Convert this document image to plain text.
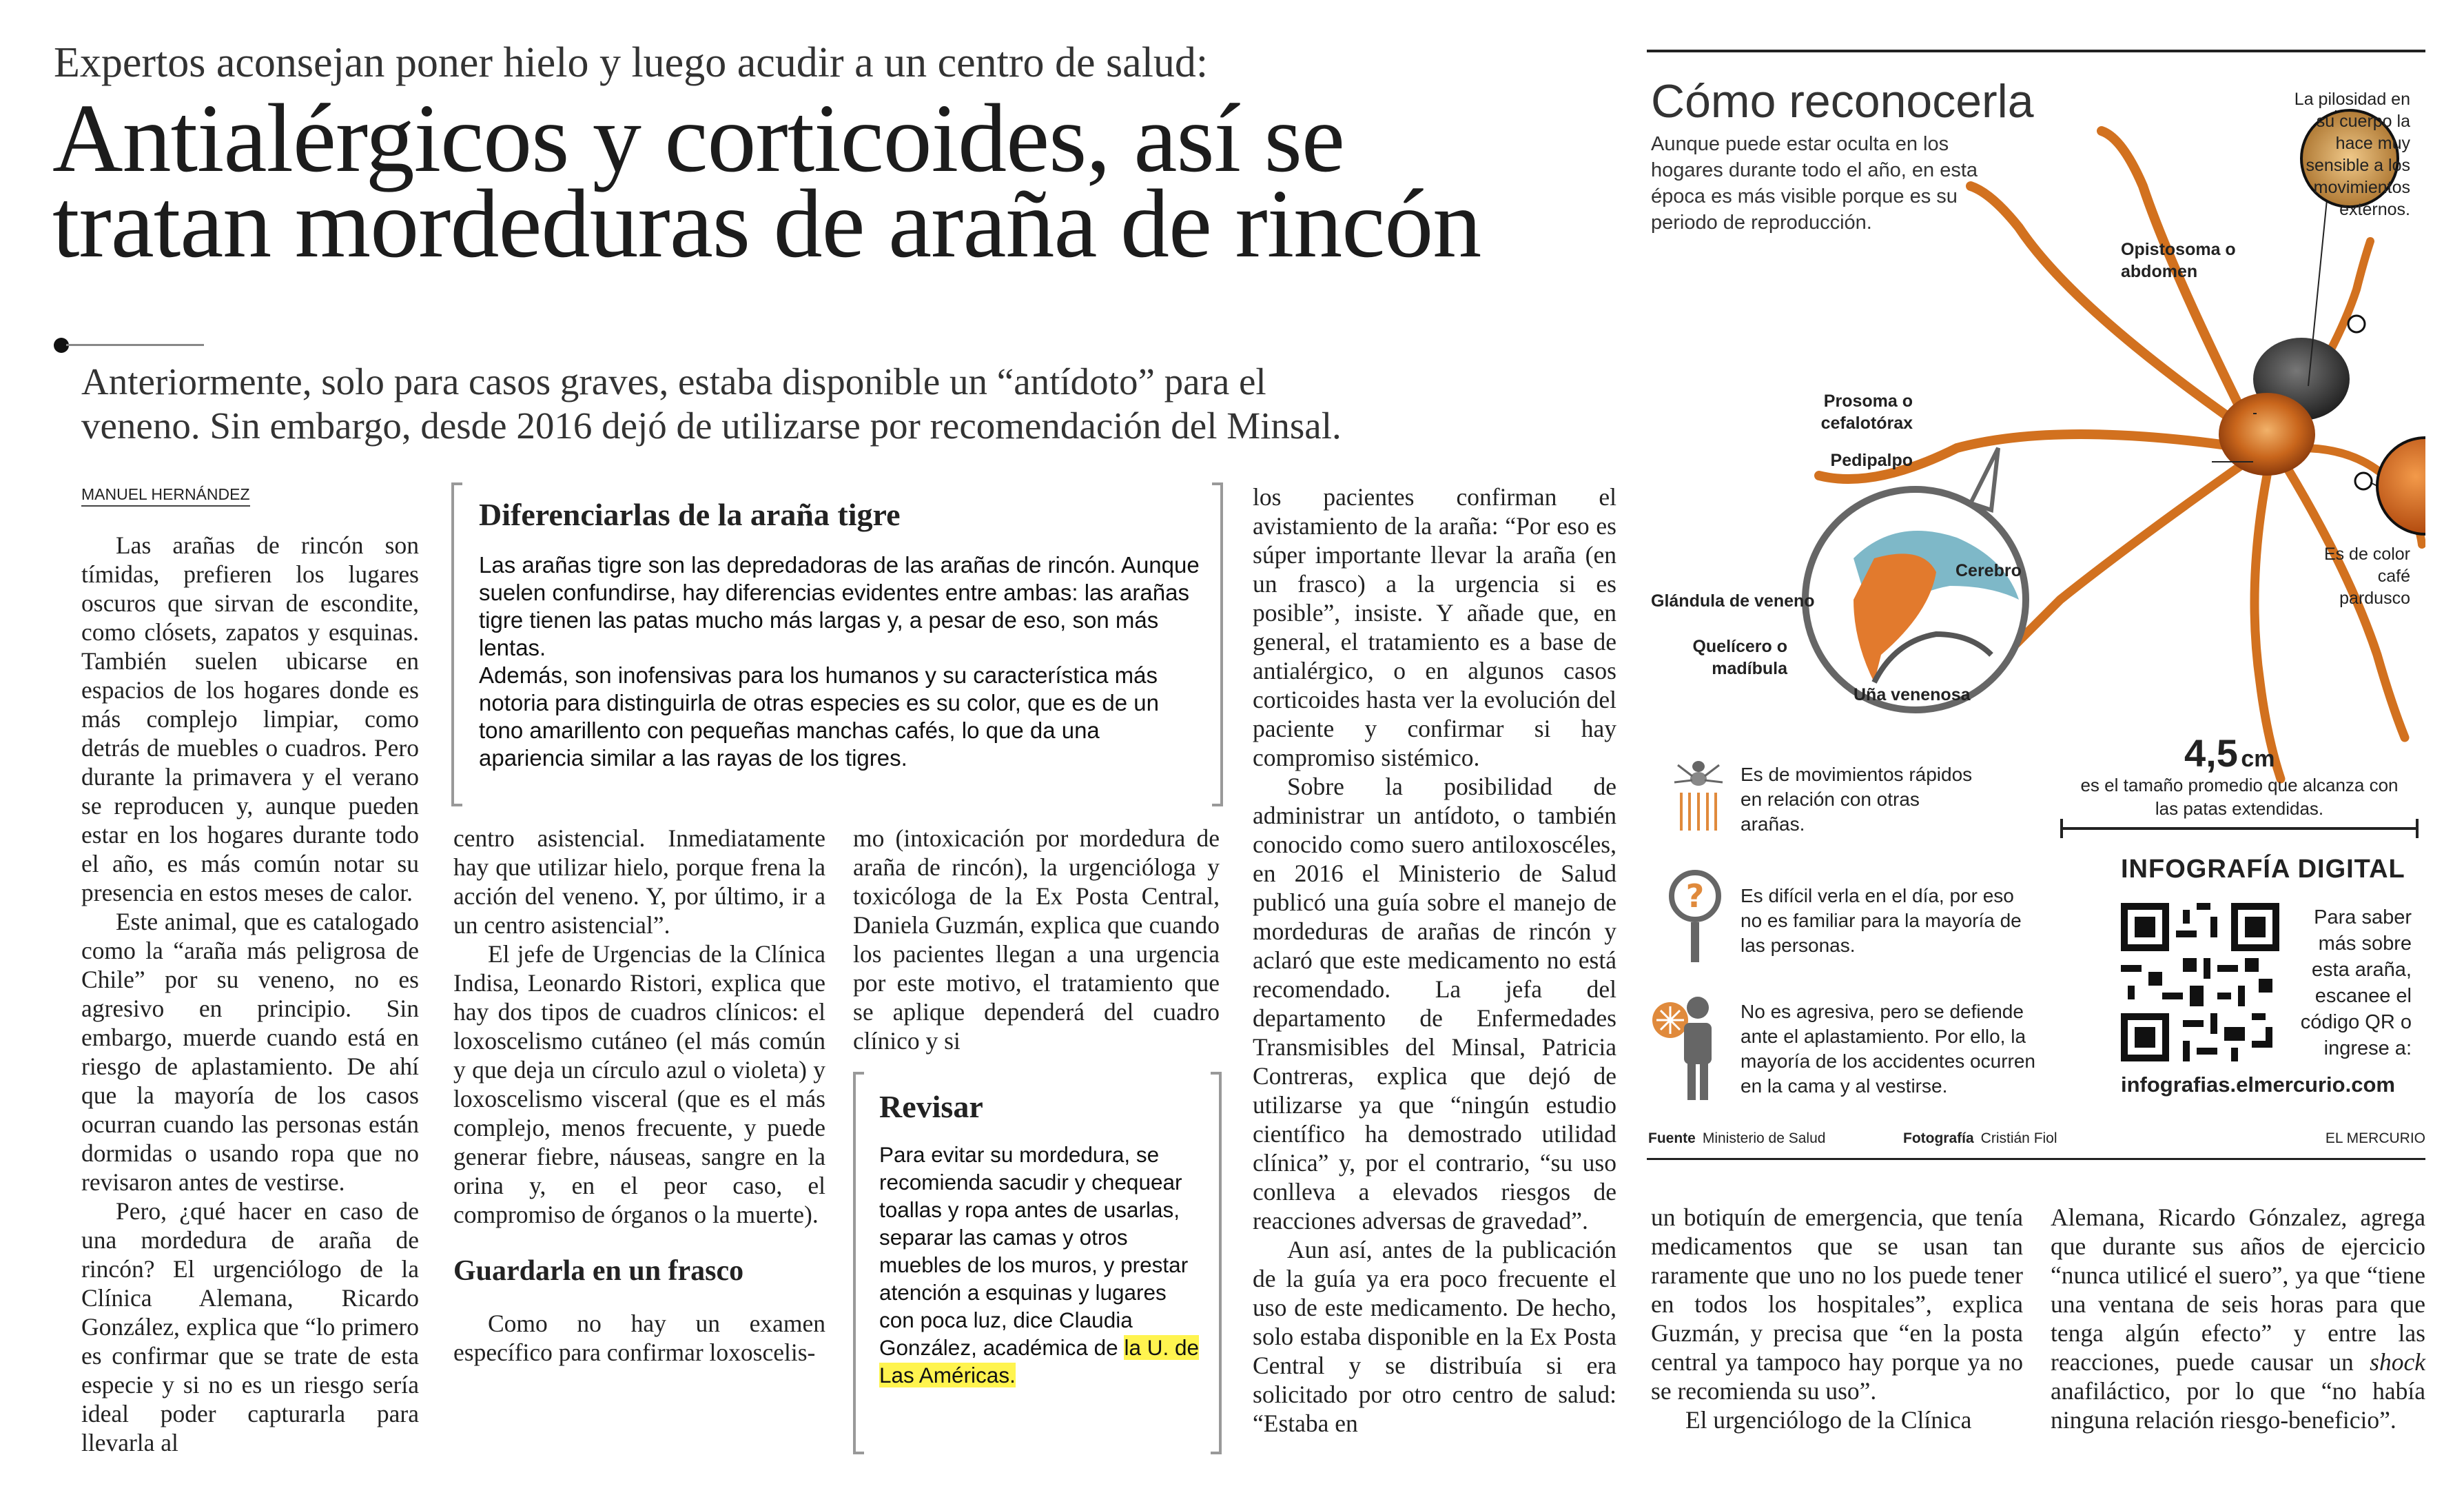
Expertos aconsejan poner hielo y luego acudir a un centro de salud:
Antialérgicos y corticoides, así se
tratan mordeduras de araña de rincón
Anteriormente, solo para casos graves, estaba disponible un “antídoto” para el
veneno. Sin embargo, desde 2016 dejó de utilizarse por recomendación del Minsal.
MANUEL HERNÁNDEZ

Las arañas de rincón son tímidas, prefieren los lugares oscuros que sirvan de escondite, como clósets, zapatos y esquinas. También suelen ubicarse en espacios de los hogares donde es más complejo limpiar, como detrás de muebles o cuadros. Pero durante la primavera y el verano se reproducen y, aunque pueden estar en los hogares durante todo el año, es más común notar su presencia en estos meses de calor.

Este animal, que es catalogado como la “araña más peligrosa de Chile” por su veneno, no es agresivo en principio. Sin embargo, muerde cuando está en riesgo de aplastamiento. De ahí que la mayoría de los casos ocurran cuando las personas están dormidas o usando ropa que no revisaron antes de vestirse.

Pero, ¿qué hacer en caso de una mordedura de araña de rincón? El urgenciólogo de la Clínica Alemana, Ricardo González, explica que “lo primero es confirmar que se trate de esta especie y si no es un riesgo sería ideal poder capturarla para llevarla al

Diferenciarlas de la araña tigre
Las arañas tigre son las depredadoras de las arañas de rincón. Aunque suelen confundirse, hay diferencias evidentes entre ambas: las arañas tigre tienen las patas mucho más largas y, a pesar de eso, son más lentas.
Además, son inofensivas para los humanos y su característica más notoria para distinguirla de otras especies es su color, que es de un tono amarillento con pequeñas manchas cafés, lo que da una apariencia similar a las rayas de los tigres.

centro asistencial. Inmediatamente hay que utilizar hielo, porque frena la acción del veneno. Y, por último, ir a un centro asistencial”.

El jefe de Urgencias de la Clínica Indisa, Leonardo Ristori, explica que hay dos tipos de cuadros clínicos: el loxoscelismo cutáneo (el más común y que deja un círculo azul o violeta) y loxoscelismo visceral (que es el más complejo, menos frecuente, y puede generar fiebre, náuseas, sangre en la orina y, en el peor caso, el compromiso de órganos o la muerte).

Guardarla en un frasco

Como no hay un examen específico para confirmar loxoscelis-

mo (intoxicación por mordedura de araña de rincón), la urgencióloga y toxicóloga de la Ex Posta Central, Daniela Guzmán, explica que cuando los pacientes llegan a una urgencia por este motivo, el tratamiento que se aplique dependerá del cuadro clínico y si

Revisar
Para evitar su mordedura, se recomienda sacudir y chequear toallas y ropa antes de usarlas, separar las camas y otros muebles de los muros, y prestar atención a esquinas y lugares con poca luz, dice Claudia González, académica de la U. de Las Américas.

los pacientes confirman el avistamiento de la araña: “Por eso es súper importante llevar la araña (en un frasco) a la urgencia si es posible”, insiste. Y añade que, en general, el tratamiento es a base de antialérgico, o en algunos casos corticoides hasta ver la evolución del paciente y confirmar si hay compromiso sistémico.

Sobre la posibilidad de administrar un antídoto, o también conocido como suero antiloxoscéles, en 2016 el Ministerio de Salud publicó una guía sobre el manejo de mordeduras de arañas de rincón y aclaró que este medicamento no está recomendado. La jefa del departamento de Enfermedades Transmisibles del Minsal, Patricia Contreras, explica que dejó de utilizarse ya que “ningún estudio científico ha demostrado utilidad clínica” y, por el contrario, “su uso conlleva a elevados riesgos de reacciones adversas de gravedad”.

Aun así, antes de la publicación de la guía ya era poco frecuente el uso de este medicamento. De hecho, solo estaba disponible en la Ex Posta Central y se distribuía si era solicitado por otro centro de salud: “Estaba en

un botiquín de emergencia, que tenía medicamentos que se usan tan raramente que uno no los puede tener en todos los hospitales”, explica Guzmán, y precisa que “en la posta central ya tampoco hay porque ya no se recomienda su uso”.

El urgenciólogo de la Clínica

Alemana, Ricardo Gónzalez, agrega que durante sus años de ejercicio “nunca utilicé el suero”, ya que “tiene una ventana de seis horas para que tenga algún efecto” y entre las reacciones, puede causar un shock anafiláctico, por lo que “no había ninguna relación riesgo-beneficio”.

Cómo reconocerla
Aunque puede estar oculta en los hogares durante todo el año, en esta época es más visible porque es su periodo de reproducción.
La pilosidad en su cuerpo la hace muy sensible a los movimientos externos.
Opistosoma o abdomen
Prosoma o cefalotórax
Pedipalpo
Es de color café pardusco
Cerebro
Glándula de veneno
Quelícero o madíbula
Uña venenosa
4,5 cm
es el tamaño promedio que alcanza con las patas extendidas.
Es de movimientos rápidos en relación con otras arañas.
? Es difícil verla en el día, por eso no es familiar para la mayoría de las personas.
No es agresiva, pero se defiende ante el aplastamiento. Por ello, la mayoría de los accidentes ocurren en la cama y al vestirse.
INFOGRAFÍA DIGITAL
Para saber más sobre esta araña, escanee el código QR o ingrese a:
infografias.elmercurio.com
Fuente Ministerio de Salud	Fotografía Cristián Fiol	EL MERCURIO
